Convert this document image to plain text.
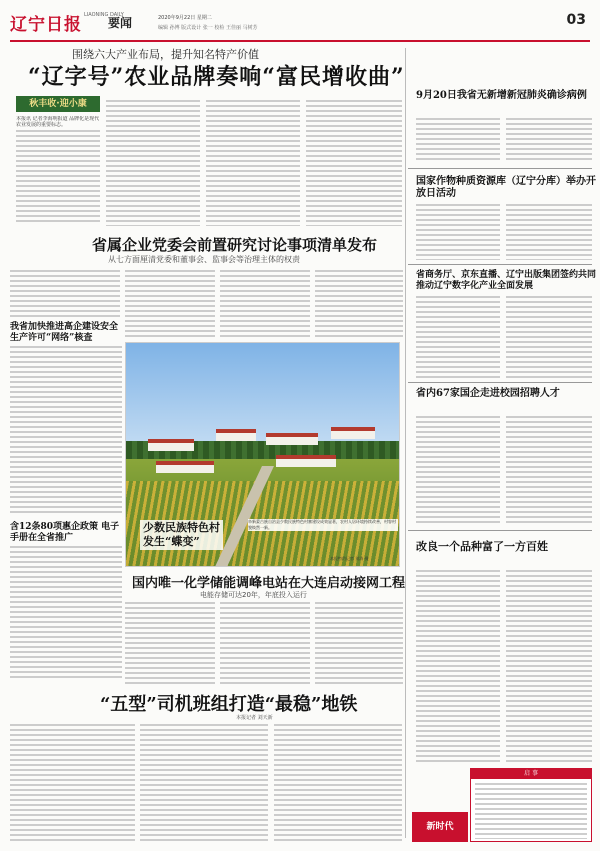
辽宁日报 LIAONING DAILY
要闻	2020年9月22日 星期二
编辑 孙博 版式设计 张一 校检 王佳丽 马树芳	03
围绕六大产业布局，提升知名特产价值
“辽字号”农业品牌奏响“富民增收曲”
秋丰收·迎小康
本报讯 记者李海明报道 品牌化是现代农业发展的重要标志。
省属企业党委会前置研究讨论事项清单发布
从七方面厘清党委和董事会、监事会等治理主体的权责
我省加快推进高企建设安全生产许可“网络”核查
含12条80项惠企政策 电子手册在全省推广
少数民族特色村
发生“蝶变”
阜新蒙古族自治县少数民族特色村寨建设成效显著，农村人居环境持续改善，村容村貌焕然一新。
本报特约记者 刘涛 摄
国内唯一化学储能调峰电站在大连启动接网工程
电能存储可达20年，年底投入运行
“五型”司机班组打造“最稳”地铁
本报记者 刘天新
9月20日我省无新增新冠肺炎确诊病例
国家作物种质资源库（辽宁分库）举办开放日活动
省商务厅、京东直播、辽宁出版集团签约共同推动辽宁数字化产业全面发展
省内67家国企走进校园招聘人才
改良一个品种富了一方百姓
新时代
启 事
